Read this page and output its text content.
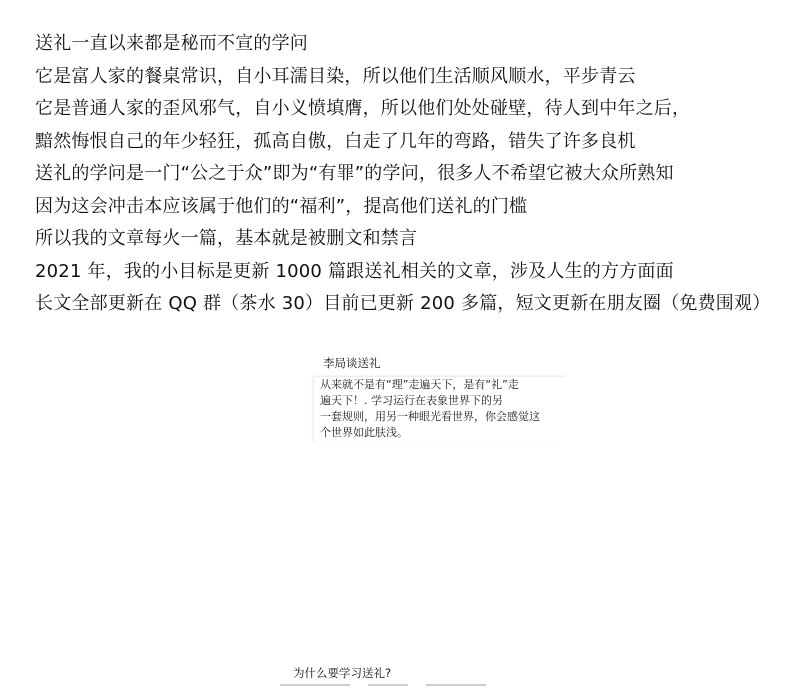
送礼一直以来都是秘而不宣的学问
它是富人家的餐桌常识，自小耳濡目染，所以他们生活顺风顺水，平步青云
它是普通人家的歪风邪气，自小义愤填膺，所以他们处处碰壁，待人到中年之后，
黯然悔恨自己的年少轻狂，孤高自傲，白走了几年的弯路，错失了许多良机
送礼的学问是一门“公之于众”即为“有罪”的学问，很多人不希望它被大众所熟知
因为这会冲击本应该属于他们的“福利”，提高他们送礼的门槛
所以我的文章每火一篇，基本就是被删文和禁言
2021 年，我的小目标是更新 1000 篇跟送礼相关的文章，涉及人生的方方面面
长文全部更新在 QQ 群（茶水 30）目前已更新 200 多篇，短文更新在朋友圈（免费围观）
李局谈送礼
从来就不是有“理”走遍天下，是有“礼”走
遍天下！. 学习运行在表象世界下的另
一套规则，用另一种眼光看世界，你会感觉这
个世界如此肤浅。
为什么要学习送礼?
